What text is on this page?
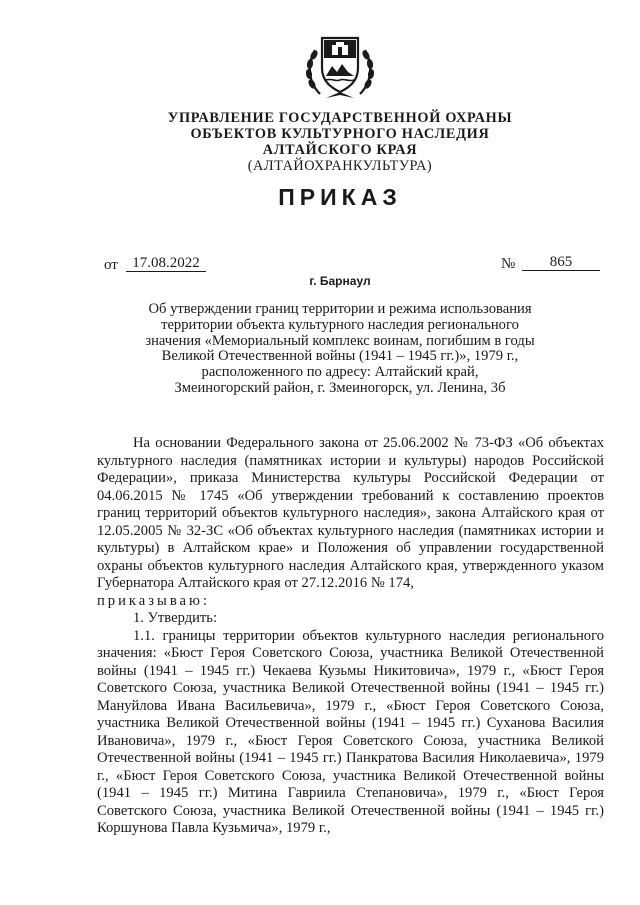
УПРАВЛЕНИЕ ГОСУДАРСТВЕННОЙ ОХРАНЫ
ОБЪЕКТОВ КУЛЬТУРНОГО НАСЛЕДИЯ
АЛТАЙСКОГО КРАЯ
(АЛТАЙОХРАНКУЛЬТУРА)
ПРИКАЗ
от 17.08.2022	№	865
г. Барнаул
Об утверждении границ территории и режима использования
территории объекта культурного наследия регионального
значения «Мемориальный комплекс воинам, погибшим в годы
Великой Отечественной войны (1941 – 1945 гг.)», 1979 г.,
расположенного по адресу: Алтайский край,
Змеиногорский район, г. Змеиногорск, ул. Ленина, 3б

На основании Федерального закона от 25.06.2002 № 73-ФЗ «Об объектах культурного наследия (памятниках истории и культуры) народов Российской Федерации», приказа Министерства культуры Российской Федерации от 04.06.2015 № 1745 «Об утверждении требований к составлению проектов границ территорий объектов культурного наследия», закона Алтайского края от 12.05.2005 № 32-ЗС «Об объектах культурного наследия (памятниках истории и культуры) в Алтайском крае» и Положения об управлении государственной охраны объектов культурного наследия Алтайского края, утвержденного указом Губернатора Алтайского края от 27.12.2016 № 174,

приказываю:

1. Утвердить:

1.1. границы территории объектов культурного наследия регионального значения: «Бюст Героя Советского Союза, участника Великой Отечественной войны (1941 – 1945 гг.) Чекаева Кузьмы Никитовича», 1979 г., «Бюст Героя Советского Союза, участника Великой Отечественной войны (1941 – 1945 гг.) Мануйлова Ивана Васильевича», 1979 г., «Бюст Героя Советского Союза, участника Великой Отечественной войны (1941 – 1945 гг.) Суханова Василия Ивановича», 1979 г., «Бюст Героя Советского Союза, участника Великой Отечественной войны (1941 – 1945 гг.) Панкратова Василия Николаевича», 1979 г., «Бюст Героя Советского Союза, участника Великой Отечественной войны (1941 – 1945 гг.) Митина Гавриила Степановича», 1979 г., «Бюст Героя Советского Союза, участника Великой Отечественной войны (1941 – 1945 гг.) Коршунова Павла Кузьмича», 1979 г.,
